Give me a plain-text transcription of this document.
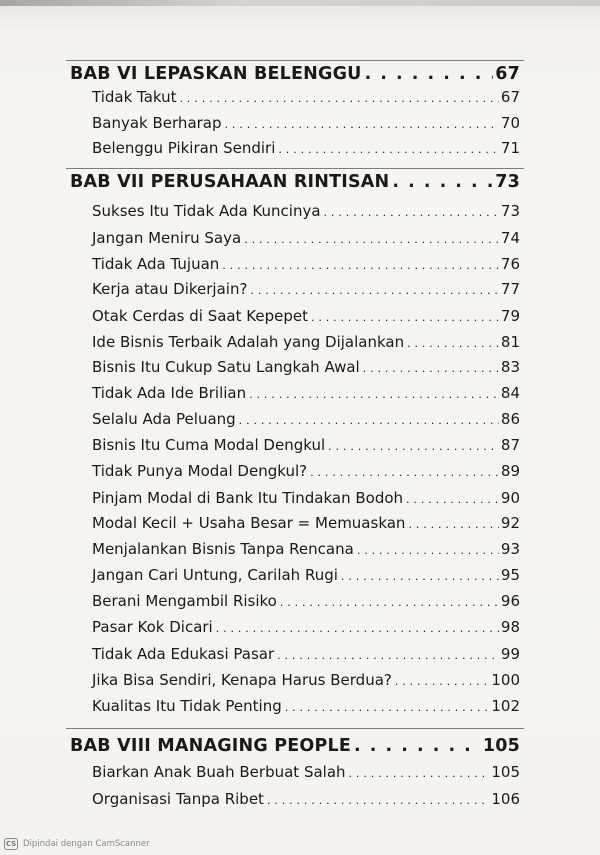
BAB VI LEPASKAN BELENGGU . . .	67
Tidak Takut . . .	67
Banyak Berharap . . .	70
Belenggu Pikiran Sendiri . . .	71
BAB VII PERUSAHAAN RINTISAN . . .	73
Sukses Itu Tidak Ada Kuncinya . . .	73
Jangan Meniru Saya . . .	74
Tidak Ada Tujuan . . .	76
Kerja atau Dikerjain? . . .	77
Otak Cerdas di Saat Kepepet . . .	79
Ide Bisnis Terbaik Adalah yang Dijalankan . . .	81
Bisnis Itu Cukup Satu Langkah Awal . . .	83
Tidak Ada Ide Brilian . . .	84
Selalu Ada Peluang . . .	86
Bisnis Itu Cuma Modal Dengkul . . .	87
Tidak Punya Modal Dengkul? . . .	89
Pinjam Modal di Bank Itu Tindakan Bodoh . . .	90
Modal Kecil + Usaha Besar = Memuaskan . . .	92
Menjalankan Bisnis Tanpa Rencana . . .	93
Jangan Cari Untung, Carilah Rugi . . .	95
Berani Mengambil Risiko . . .	96
Pasar Kok Dicari . . .	98
Tidak Ada Edukasi Pasar . . .	99
Jika Bisa Sendiri, Kenapa Harus Berdua? . . .	100
Kualitas Itu Tidak Penting . . .	102
BAB VIII MANAGING PEOPLE . . .	105
Biarkan Anak Buah Berbuat Salah . . .	105
Organisasi Tanpa Ribet . . .	106
CS Dipindai dengan CamScanner
